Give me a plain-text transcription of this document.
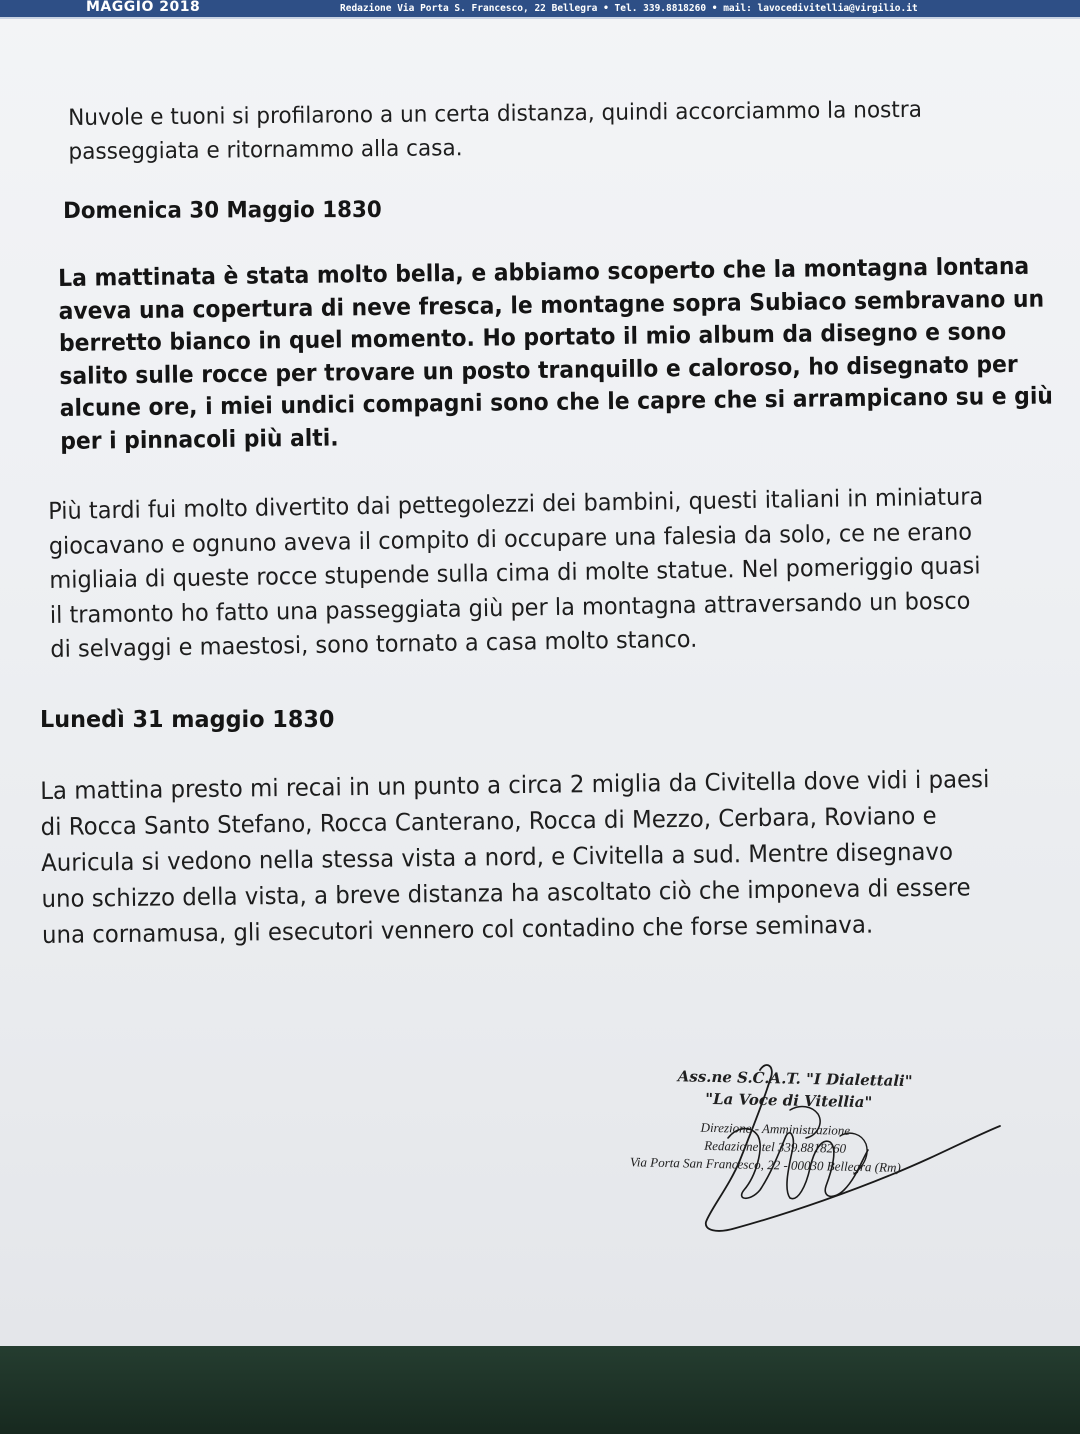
MAGGIO 2018	Redazione Via Porta S. Francesco, 22 Bellegra • Tel. 339.8818260 • mail: lavocedivitellia@virgilio.it
Nuvole e tuoni si profilarono a un certa distanza, quindi accorciammo la nostra
passeggiata e ritornammo alla casa.
Domenica 30 Maggio 1830
La mattinata è stata molto bella, e abbiamo scoperto che la montagna lontana
aveva una copertura di neve fresca, le montagne sopra Subiaco sembravano un
berretto bianco in quel momento. Ho portato il mio album da disegno e sono
salito sulle rocce per trovare un posto tranquillo e caloroso, ho disegnato per
alcune ore, i miei undici compagni sono che le capre che si arrampicano su e giù
per i pinnacoli più alti.
Più tardi fui molto divertito dai pettegolezzi dei bambini, questi italiani in miniatura
giocavano e ognuno aveva il compito di occupare una falesia da solo, ce ne erano
migliaia di queste rocce stupende sulla cima di molte statue. Nel pomeriggio quasi
il tramonto ho fatto una passeggiata giù per la montagna attraversando un bosco
di selvaggi e maestosi, sono tornato a casa molto stanco.
Lunedì 31 maggio 1830
La mattina presto mi recai in un punto a circa 2 miglia da Civitella dove vidi i paesi
di Rocca Santo Stefano, Rocca Canterano, Rocca di Mezzo, Cerbara, Roviano e
Auricula si vedono nella stessa vista a nord, e Civitella a sud. Mentre disegnavo
uno schizzo della vista, a breve distanza ha ascoltato ciò che imponeva di essere
una cornamusa, gli esecutori vennero col contadino che forse seminava.
Ass.ne S.C.A.T. "I Dialettali"
"La Voce di Vitellia"
Direzione - Amministrazione
Redazione tel 339.8818260
Via Porta San Francesco, 22 - 00030 Bellegra (Rm)
